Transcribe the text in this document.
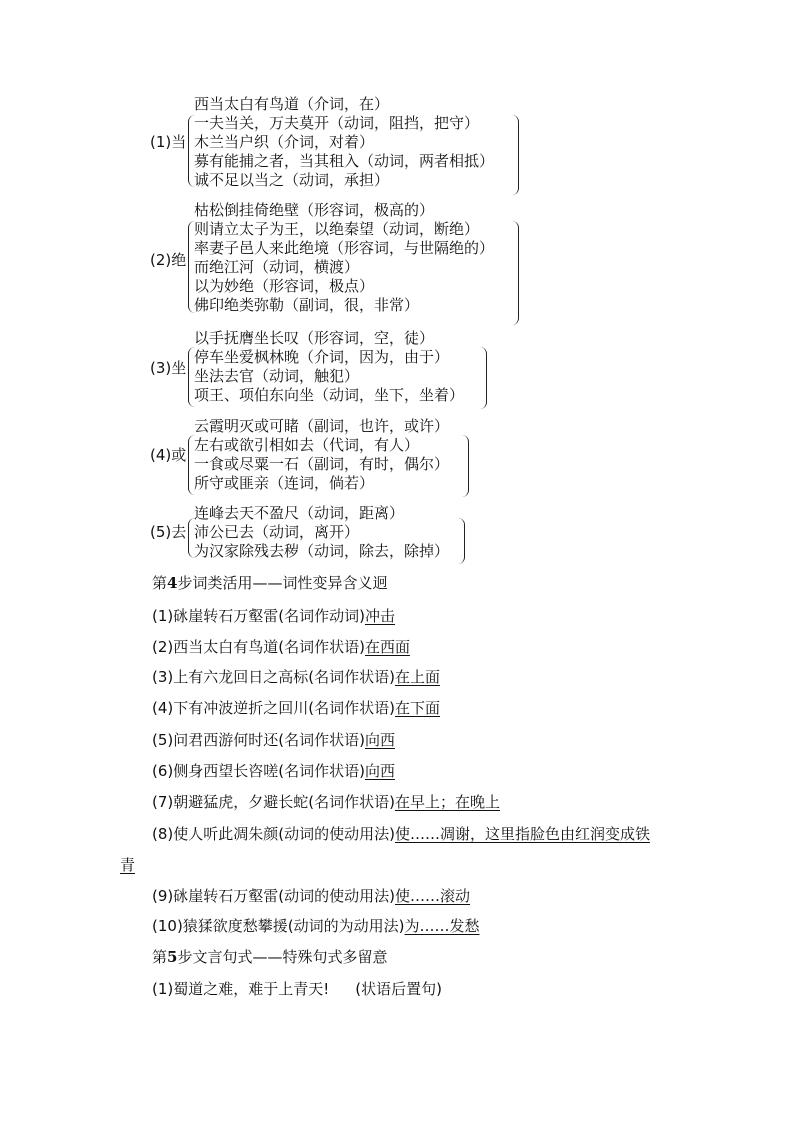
(1)当
西当太白有鸟道（介词，在）
一夫当关，万夫莫开（动词，阻挡，把守）
木兰当户织（介词，对着）
募有能捕之者，当其租入（动词，两者相抵）
诚不足以当之（动词，承担）
(2)绝
枯松倒挂倚绝壁（形容词，极高的）
则请立太子为王，以绝秦望（动词，断绝）
率妻子邑人来此绝境（形容词，与世隔绝的）
而绝江河（动词，横渡）
以为妙绝（形容词，极点）
佛印绝类弥勒（副词，很，非常）
(3)坐
以手抚膺坐长叹（形容词，空，徒）
停车坐爱枫林晚（介词，因为，由于）
坐法去官（动词，触犯）
项王、项伯东向坐（动词，坐下，坐着）
(4)或
云霞明灭或可睹（副词，也许，或许）
左右或欲引相如去（代词，有人）
一食或尽粟一石（副词，有时，偶尔）
所守或匪亲（连词，倘若）
(5)去
连峰去天不盈尺（动词，距离）
沛公已去（动词，离开）
为汉家除残去秽（动词，除去，除掉）
第4步词类活用——词性变异含义迥
(1)砯崖转石万壑雷(名词作动词)冲击
(2)西当太白有鸟道(名词作状语)在西面
(3)上有六龙回日之高标(名词作状语)在上面
(4)下有冲波逆折之回川(名词作状语)在下面
(5)问君西游何时还(名词作状语)向西
(6)侧身西望长咨嗟(名词作状语)向西
(7)朝避猛虎，夕避长蛇(名词作状语)在早上；在晚上
(8)使人听此凋朱颜(动词的使动用法)使……凋谢，这里指脸色由红润变成铁
青
(9)砯崖转石万壑雷(动词的使动用法)使……滚动
(10)猿猱欲度愁攀援(动词的为动用法)为……发愁
第5步文言句式——特殊句式多留意
(1)蜀道之难，难于上青天! (状语后置句)
